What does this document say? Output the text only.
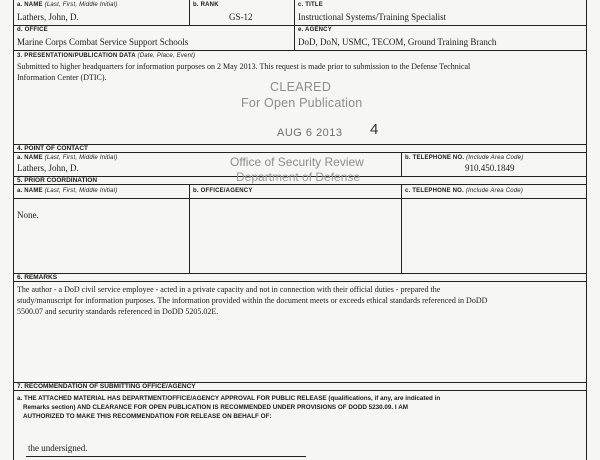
a. NAME (Last, First, Middle Initial)
Lathers, John, D.
b. RANK
GS-12
c. TITLE
Instructional Systems/Training Specialist
d. OFFICE
Marine Corps Combat Service Support Schools
e. AGENCY
DoD, DoN, USMC, TECOM, Ground Training Branch
3. PRESENTATION/PUBLICATION DATA (Date, Place, Event)
Submitted to higher headquarters for information purposes on 2 May 2013. This request is made prior to submission to the Defense Technical
Information Center (DTIC).
4. POINT OF CONTACT
a. NAME (Last, First, Middle Initial)
Lathers, John, D.
b. TELEPHONE NO. (Include Area Code)
910.450.1849
5. PRIOR COORDINATION
a. NAME (Last, First, Middle Initial)	b. OFFICE/AGENCY	c. TELEPHONE NO. (Include Area Code)
None.
6. REMARKS
The author - a DoD civil service employee - acted in a private capacity and not in connection with their official duties - prepared the
study/manuscript for information purposes. The information provided within the document meets or exceeds ethical standards referenced in DoDD
5500.07 and security standards referenced in DoDD 5205.02E.
7. RECOMMENDATION OF SUBMITTING OFFICE/AGENCY
a. THE ATTACHED MATERIAL HAS DEPARTMENT/OFFICE/AGENCY APPROVAL FOR PUBLIC RELEASE (qualifications, if any, are indicated in
Remarks section) AND CLEARANCE FOR OPEN PUBLICATION IS RECOMMENDED UNDER PROVISIONS OF DODD 5230.09. I AM
AUTHORIZED TO MAKE THIS RECOMMENDATION FOR RELEASE ON BEHALF OF:
the undersigned.
CLEARED
For Open Publication
AUG 6 2013 4
Office of Security Review
Department of Defense
